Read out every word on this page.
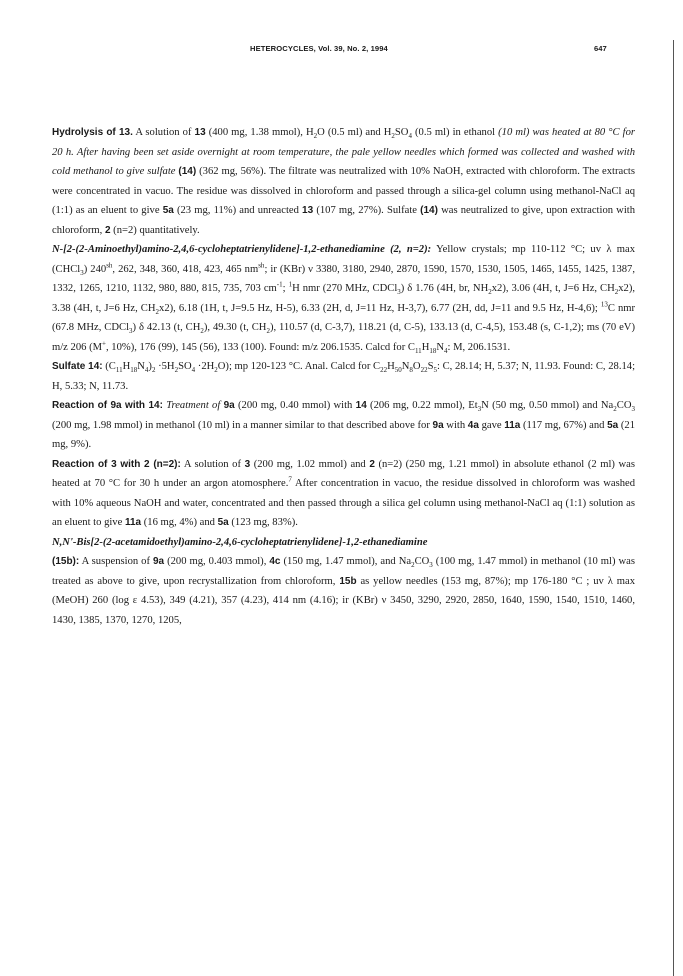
HETEROCYCLES, Vol. 39, No. 2, 1994	647

Hydrolysis of 13. A solution of 13 (400 mg, 1.38 mmol), $H_2O$ (0.5 ml) and $H_2SO_4$ (0.5 ml) in ethanol (10 ml) was heated at 80 °C for 20 h. After having been set aside overnight at room temperature, the pale yellow needles which formed was collected and washed with cold methanol to give sulfate (14) (362 mg, 56%). The filtrate was neutralized with 10% NaOH, extracted with chloroform. The extracts were concentrated in vacuo. The residue was dissolved in chloroform and passed through a silica-gel column using methanol-NaCl aq (1:1) as an eluent to give 5a (23 mg, 11%) and unreacted 13 (107 mg, 27%). Sulfate (14) was neutralized to give, upon extraction with chloroform, 2 (n=2) quantitatively.

N-[2-(2-Aminoethyl)amino-2,4,6-cycloheptatrienylidene]-1,2-ethanediamine (2, n=2): Yellow crystals; mp 110-112 °C; uv λ max (CHCl$_3$) $240^{sh}$, 262, 348, 360, 418, 423, 465 $nm^{sh}$; ir (KBr) ν 3380, 3180, 2940, 2870, 1590, 1570, 1530, 1505, 1465, 1455, 1425, 1387, 1332, 1265, 1210, 1132, 980, 880, 815, 735, 703 $cm^{-1}$; $^1$H nmr (270 MHz, CDCl$_3$) δ 1.76 (4H, br, $NH_2x2$), 3.06 (4H, t, J=6 Hz, $CH_2x2$), 3.38 (4H, t, J=6 Hz, $CH_2x2$), 6.18 (1H, t, J=9.5 Hz, H-5), 6.33 (2H, d, J=11 Hz, H-3,7), 6.77 (2H, dd, J=11 and 9.5 Hz, H-4,6); $^{13}$C nmr (67.8 MHz, CDCl$_3$) δ 42.13 (t, $CH_2$), 49.30 (t, $CH_2$), 110.57 (d, C-3,7), 118.21 (d, C-5), 133.13 (d, C-4,5), 153.48 (s, C-1,2); ms (70 eV) m/z 206 (M+, 10%), 176 (99), 145 (56), 133 (100). Found: m/z 206.1535. Calcd for $C_{11}H_{18}N_4$: M, 206.1531.

Sulfate 14: $(C_{11}H_{18}N_4)_2 \cdot 5H_2SO_4 \cdot 2H_2O$); mp 120-123 °C. Anal. Calcd for $C_{22}H_{50}N_8O_{22}S_5$: C, 28.14; H, 5.37; N, 11.93. Found: C, 28.14; H, 5.33; N, 11.73.

Reaction of 9a with 14: Treatment of 9a (200 mg, 0.40 mmol) with 14 (206 mg, 0.22 mmol), $Et_3N$ (50 mg, 0.50 mmol) and $Na_2CO_3$ (200 mg, 1.98 mmol) in methanol (10 ml) in a manner similar to that described above for 9a with 4a gave 11a (117 mg, 67%) and 5a (21 mg, 9%).

Reaction of 3 with 2 (n=2): A solution of 3 (200 mg, 1.02 mmol) and 2 (n=2) (250 mg, 1.21 mmol) in absolute ethanol (2 ml) was heated at 70 °C for 30 h under an argon atomosphere.$^7$ After concentration in vacuo, the residue dissolved in chloroform was washed with 10% aqueous NaOH and water, concentrated and then passed through a silica gel column using methanol-NaCl aq (1:1) solution as an eluent to give 11a (16 mg, 4%) and 5a (123 mg, 83%).

N,N'-Bis[2-(2-acetamidoethyl)amino-2,4,6-cycloheptatrienylidene]-1,2-ethanediamine
(15b): A suspension of 9a (200 mg, 0.403 mmol), 4c (150 mg, 1.47 mmol), and $Na_2CO_3$ (100 mg, 1.47 mmol) in methanol (10 ml) was treated as above to give, upon recrystallization from chloroform, 15b as yellow needles (153 mg, 87%); mp 176-180 °C ; uv λ max (MeOH) 260 (log ε 4.53), 349 (4.21), 357 (4.23), 414 nm (4.16); ir (KBr) ν 3450, 3290, 2920, 2850, 1640, 1590, 1540, 1510, 1460, 1430, 1385, 1370, 1270, 1205,
